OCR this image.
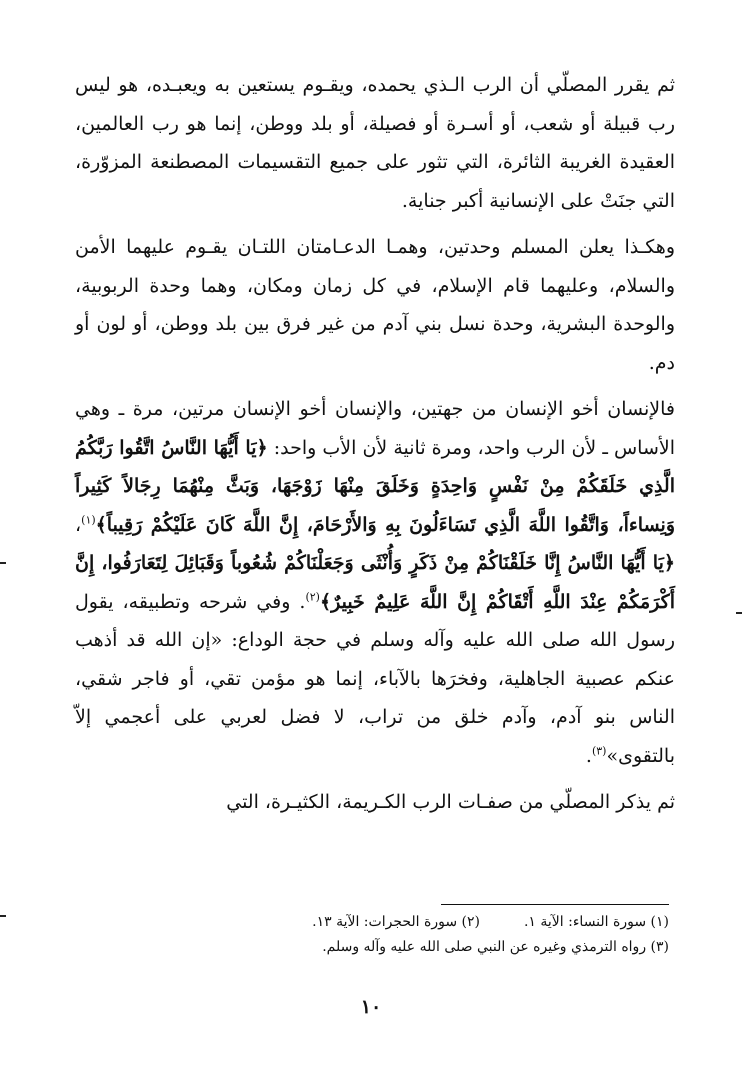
ثم يقرر المصلّي أن الرب الـذي يحمده، ويقـوم يستعين به ويعبـده، هو ليس رب قبيلة أو شعب، أو أسـرة أو فصيلة، أو بلد ووطن، إنما هو رب العالمين، العقيدة الغريبة الثائرة، التي تثور على جميع التقسيمات المصطنعة المزوّرة، التي جنَتْ على الإنسانية أكبر جناية.

وهكـذا يعلن المسلم وحدتين، وهمـا الدعـامتان اللتـان يقـوم عليهما الأمن والسلام، وعليهما قام الإسلام، في كل زمان ومكان، وهما وحدة الربوبية، والوحدة البشرية، وحدة نسل بني آدم من غير فرق بين بلد ووطن، أو لون أو دم.

فالإنسان أخو الإنسان من جهتين، والإنسان أخو الإنسان مرتين، مرة ـ وهي الأساس ـ لأن الرب واحد، ومرة ثانية لأن الأب واحد: ﴿يَا أَيُّهَا النَّاسُ اتَّقُوا رَبَّكُمُ الَّذِي خَلَقَكُمْ مِنْ نَفْسٍ وَاحِدَةٍ وَخَلَقَ مِنْهَا زَوْجَهَا، وَبَثَّ مِنْهُمَا رِجَالاً كَثِيراً وَنِساءاً، وَاتَّقُوا اللَّهَ الَّذِي تَسَاءَلُونَ بِهِ وَالأَرْحَامَ، إِنَّ اللَّهَ كَانَ عَلَيْكُمْ رَقِيباً﴾$^{(١)}$، ﴿يَا أَيُّهَا النَّاسُ إِنَّا خَلَقْنَاكُمْ مِنْ ذَكَرٍ وَأُنْثَى وَجَعَلْنَاكُمْ شُعُوباً وَقَبَائِلَ لِتَعَارَفُوا، إِنَّ أَكْرَمَكُمْ عِنْدَ اللَّهِ أَتْقَاكُمْ إِنَّ اللَّهَ عَلِيمٌ خَبِيرٌ﴾$^{(٢)}$. وفي شرحه وتطبيقه، يقول رسول الله صلى الله عليه وآله وسلم في حجة الوداع: «إن الله قد أذهب عنكم عصبية الجاهلية، وفخرَها بالآباء، إنما هو مؤمن تقي، أو فاجر شقي، الناس بنو آدم، وآدم خلق من تراب، لا فضل لعربي على أعجمي إلاّ بالتقوى»$^{(٣)}$.

ثم يذكر المصلّي من صفـات الرب الكـريمة، الكثيـرة، التي

(١) سورة النساء: الآية ١.(٢) سورة الحجرات: الآية ١٣.
(٣) رواه الترمذي وغيره عن النبي صلى الله عليه وآله وسلم.
١٠
